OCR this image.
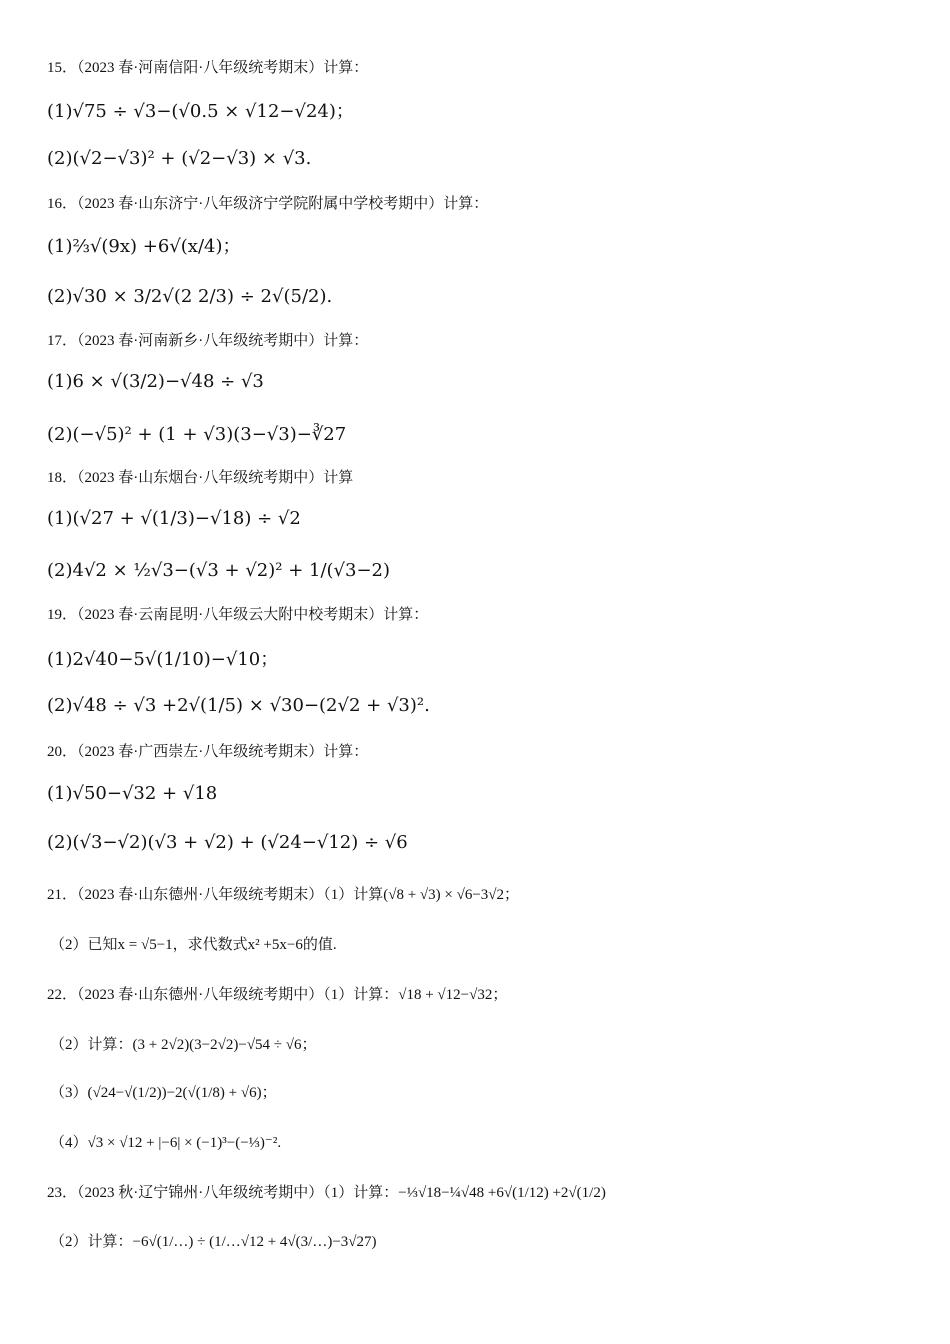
15．（2023 春·河南信阳·八年级统考期末）计算：
(1)√75 ÷ √3−(√0.5 × √12−√24)；
(2)(√2−√3)² + (√2−√3) × √3.
16．（2023 春·山东济宁·八年级济宁学院附属中学校考期中）计算：
(1)⅔√(9x) +6√(x/4)；
(2)√30 × 3/2√(2 2/3) ÷ 2√(5/2).
17．（2023 春·河南新乡·八年级统考期中）计算：
(1)6 × √(3/2)−√48 ÷ √3
(2)(−√5)² + (1 + √3)(3−√3)−∛27
18．（2023 春·山东烟台·八年级统考期中）计算
(1)(√27 + √(1/3)−√18) ÷ √2
(2)4√2 × ½√3−(√3 + √2)² + 1/(√3−2)
19．（2023 春·云南昆明·八年级云大附中校考期末）计算：
(1)2√40−5√(1/10)−√10；
(2)√48 ÷ √3 +2√(1/5) × √30−(2√2 + √3)².
20．（2023 春·广西崇左·八年级统考期末）计算：
(1)√50−√32 + √18
(2)(√3−√2)(√3 + √2) + (√24−√12) ÷ √6
21．（2023 春·山东德州·八年级统考期末）（1）计算(√8 + √3) × √6−3√2；
（2）已知x = √5−1，求代数式x² +5x−6的值.
22．（2023 春·山东德州·八年级统考期中）（1）计算：√18 + √12−√32；
（2）计算：(3 + 2√2)(3−2√2)−√54 ÷ √6；
（3）(√24−√(1/2))−2(√(1/8) + √6)；
（4）√3 × √12 + |−6| × (−1)³−(−⅓)⁻².
23．（2023 秋·辽宁锦州·八年级统考期中）（1）计算：−⅓√18−¼√48 +6√(1/12) +2√(1/2)
（2）计算：−6√(1/…) ÷ (1/…√12 + 4√(3/…)−3√27)
